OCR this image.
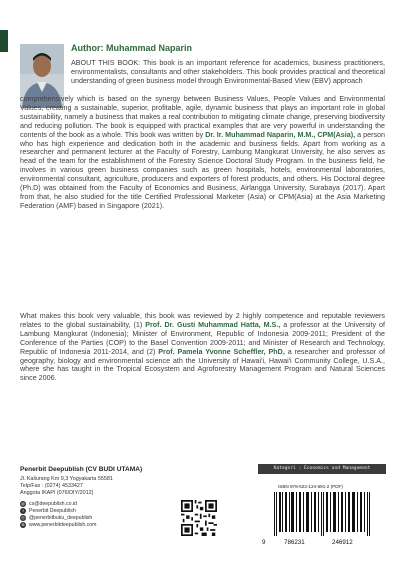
Author: Muhammad Naparin
ABOUT THIS BOOK: This book is an important reference for academics, business practitioners, environmentalists, consultants and other stakeholders. This book provides practical and theoretical understanding of green business model through Environmental-Based View (EBV) approach
comprehensively which is based on the synergy between Business Values, People Values and Environmental Values, creating a sustainable, superior, profitable, agile, dynamic business that plays an important role in global sustainability, namely a business that makes a real contribution to mitigating climate change, preserving biodiversity and reducing pollution. The book is equipped with practical examples that are very powerful in understanding the contents of the book as a whole. This book was written by Dr. Ir. Muhammad Naparin, M.M., CPM(Asia), a person who has high experience and dedication both in the academic and business fields. Apart from working as a researcher and permanent lecturer at the Faculty of Forestry, Lambung Mangkurat University, he also serves as head of the team for the establishment of the Forestry Science Doctoral Study Program. In the business field, he involves in various green business companies such as green hospitals, hotels, environmental laboratories, environmental consultant, agriculture, producers and exporters of forest products, and others. His Doctoral degree (Ph.D) was obtained from the Faculty of Economics and Business, Airlangga University, Surabaya (2017). Apart from that, he also studied for the title Certified Professional Marketer (Asia) or CPM(Asia) at the Asia Marketing Federation (AMF) based in Singapore (2021).
What makes this book very valuable, this book was reviewed by 2 highly competence and reputable reviewers relates to the global sustainability, (1) Prof. Dr. Gusti Muhammad Hatta, M.S., a professor at the University of Lambung Mangkurat (Indonesia); Minister of Environment, Republic of Indonesia 2009-2011; President of the Conference of the Parties (COP) to the Basel Convention 2009-2011; and Minister of Research and Technology, Republic of Indonesia 2011-2014, and (2) Prof. Pamela Yvonne Scheffler, PhD, a researcher and professor of geography, biology and environmental science ath the University of Hawai'i, Hawai'i Community College, U.S.A., where she has taught in the Tropical Ecosystem and Agroforestry Management Program and Natural Sciences since 2006.
Penerbit Deepublish (CV BUDI UTAMA)
Jl. Kaliurang Km 9,3 Yogyakarta 55581
Telp/Fax : (0274) 4533427
Anggota IKAPI (076/DIY/2012)
@ cs@deepublish.co.id
f	Penerbit Deepublish
◎ @penerbitbuku_deepublish
⊕ www.penerbitdeepublish.com
Kategori : Economics and Management
ISBN 978-623-124-691-2 (PDF)
9	786231	246912
